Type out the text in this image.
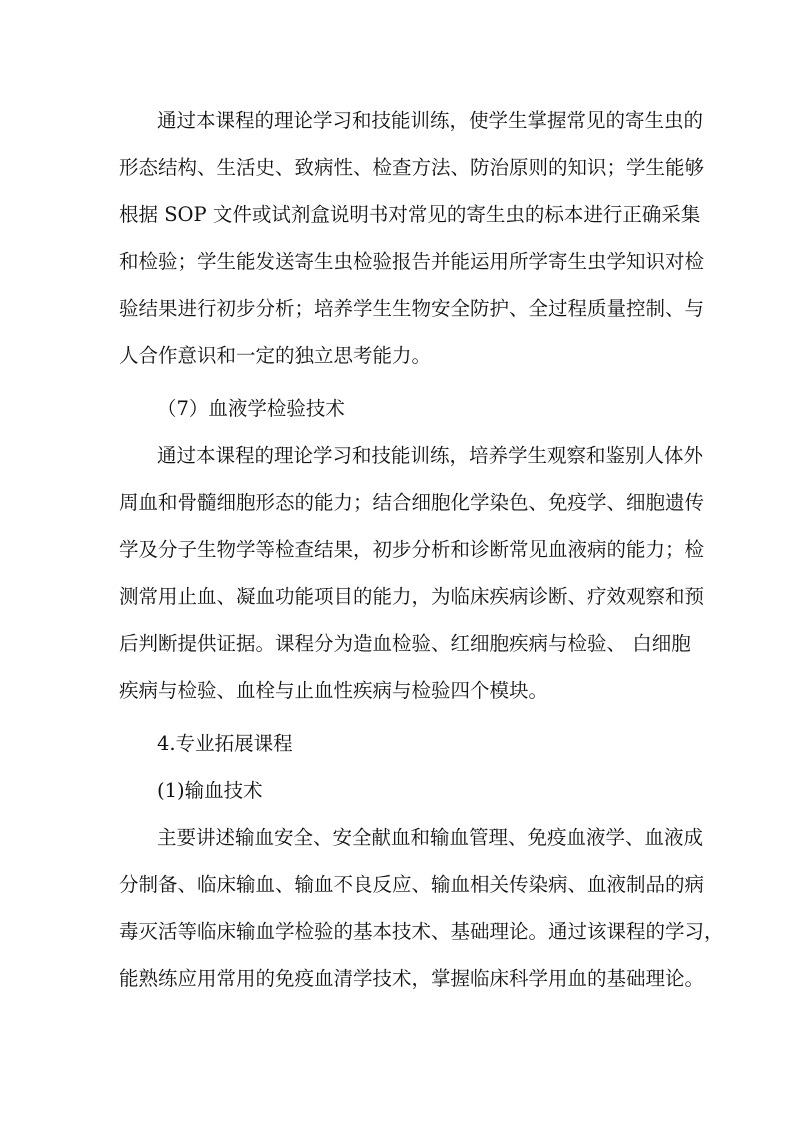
通过本课程的理论学习和技能训练，使学生掌握常见的寄生虫的

形态结构、生活史、致病性、检查方法、防治原则的知识；学生能够

根据 SOP 文件或试剂盒说明书对常见的寄生虫的标本进行正确采集

和检验；学生能发送寄生虫检验报告并能运用所学寄生虫学知识对检

验结果进行初步分析；培养学生生物安全防护、全过程质量控制、与

人合作意识和一定的独立思考能力。

（7）血液学检验技术

通过本课程的理论学习和技能训练，培养学生观察和鉴别人体外

周血和骨髓细胞形态的能力；结合细胞化学染色、免疫学、细胞遗传

学及分子生物学等检查结果，初步分析和诊断常见血液病的能力；检

测常用止血、凝血功能项目的能力，为临床疾病诊断、疗效观察和预

后判断提供证据。课程分为造血检验、红细胞疾病与检验、 白细胞

疾病与检验、血栓与止血性疾病与检验四个模块。

4.专业拓展课程

(1)输血技术

主要讲述输血安全、安全献血和输血管理、免疫血液学、血液成

分制备、临床输血、输血不良反应、输血相关传染病、血液制品的病

毒灭活等临床输血学检验的基本技术、基础理论。通过该课程的学习，

能熟练应用常用的免疫血清学技术，掌握临床科学用血的基础理论。
